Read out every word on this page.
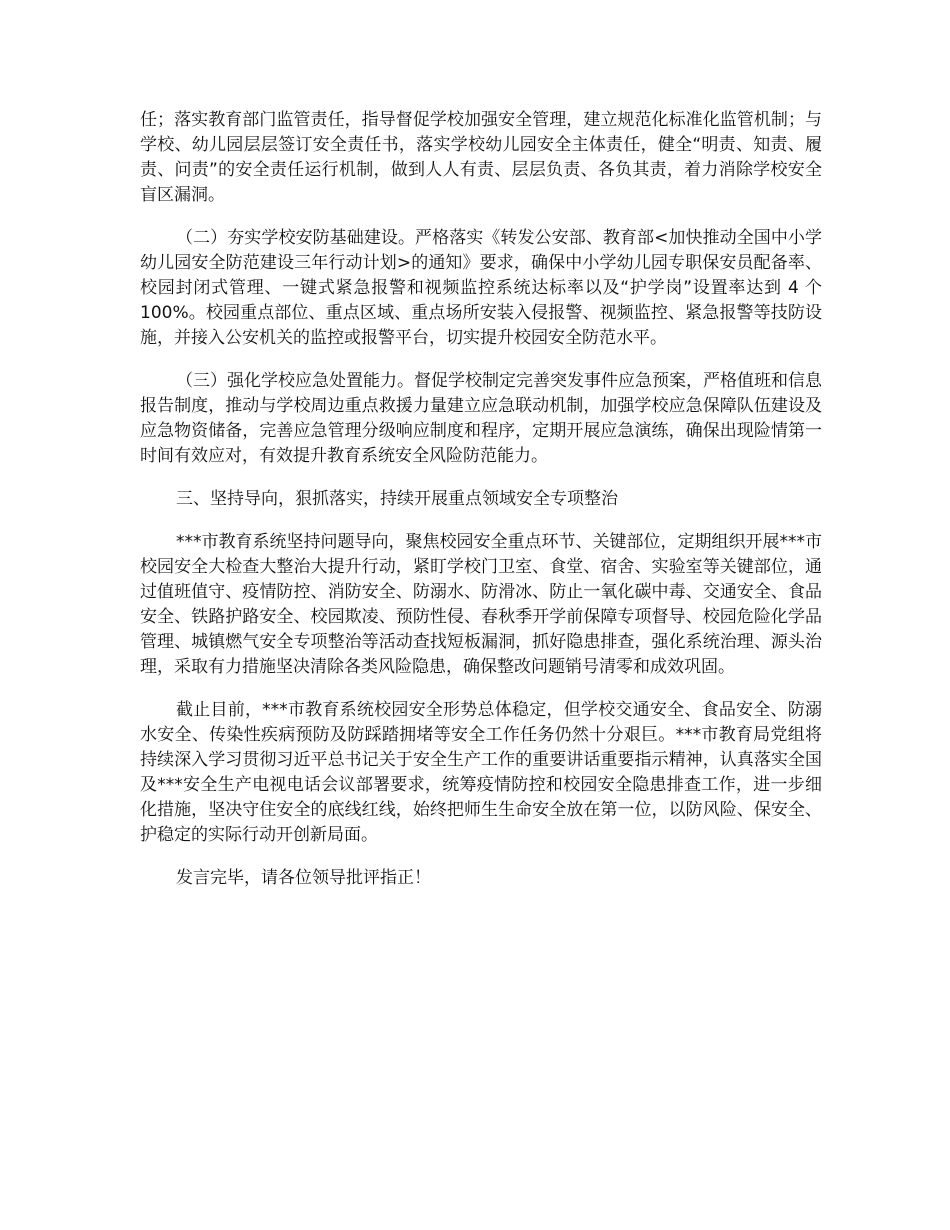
任；落实教育部门监管责任，指导督促学校加强安全管理，建立规范化标准化监管机制；与学校、幼儿园层层签订安全责任书，落实学校幼儿园安全主体责任，健全“明责、知责、履责、问责”的安全责任运行机制，做到人人有责、层层负责、各负其责，着力消除学校安全盲区漏洞。

（二）夯实学校安防基础建设。严格落实《转发公安部、教育部<加快推动全国中小学幼儿园安全防范建设三年行动计划>的通知》要求，确保中小学幼儿园专职保安员配备率、校园封闭式管理、一键式紧急报警和视频监控系统达标率以及“护学岗”设置率达到 4 个 100%。校园重点部位、重点区域、重点场所安装入侵报警、视频监控、紧急报警等技防设施，并接入公安机关的监控或报警平台，切实提升校园安全防范水平。

（三）强化学校应急处置能力。督促学校制定完善突发事件应急预案，严格值班和信息报告制度，推动与学校周边重点救援力量建立应急联动机制，加强学校应急保障队伍建设及应急物资储备，完善应急管理分级响应制度和程序，定期开展应急演练，确保出现险情第一时间有效应对，有效提升教育系统安全风险防范能力。

三、坚持导向，狠抓落实，持续开展重点领域安全专项整治

***市教育系统坚持问题导向，聚焦校园安全重点环节、关键部位，定期组织开展***市校园安全大检查大整治大提升行动，紧盯学校门卫室、食堂、宿舍、实验室等关键部位，通过值班值守、疫情防控、消防安全、防溺水、防滑冰、防止一氧化碳中毒、交通安全、食品安全、铁路护路安全、校园欺凌、预防性侵、春秋季开学前保障专项督导、校园危险化学品管理、城镇燃气安全专项整治等活动查找短板漏洞，抓好隐患排查，强化系统治理、源头治理，采取有力措施坚决清除各类风险隐患，确保整改问题销号清零和成效巩固。

截止目前，***市教育系统校园安全形势总体稳定，但学校交通安全、食品安全、防溺水安全、传染性疾病预防及防踩踏拥堵等安全工作任务仍然十分艰巨。***市教育局党组将持续深入学习贯彻习近平总书记关于安全生产工作的重要讲话重要指示精神，认真落实全国及***安全生产电视电话会议部署要求，统筹疫情防控和校园安全隐患排查工作，进一步细化措施，坚决守住安全的底线红线，始终把师生生命安全放在第一位，以防风险、保安全、护稳定的实际行动开创新局面。

发言完毕，请各位领导批评指正！
